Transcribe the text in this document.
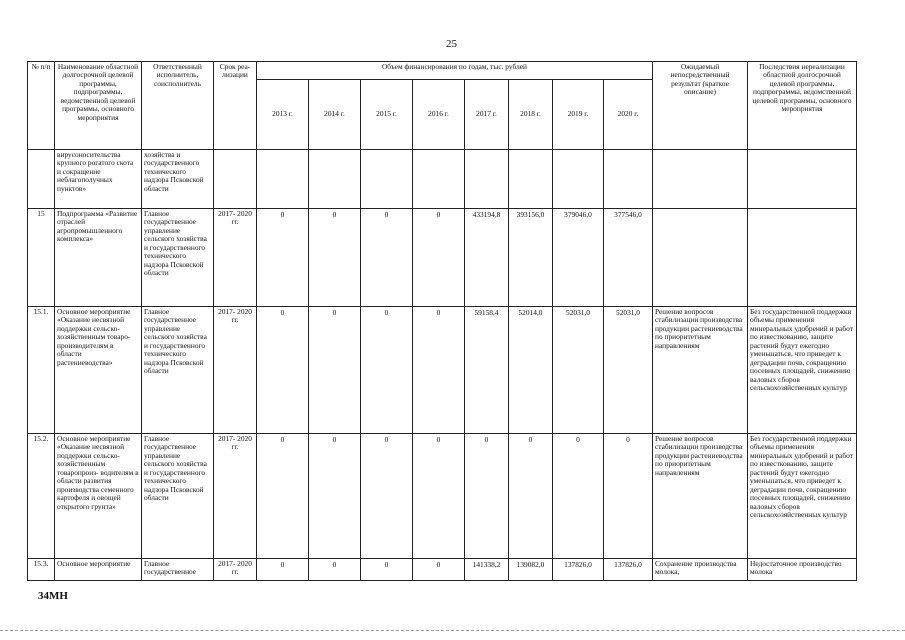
25
№ п/п	Наименование областной долгосрочной целевой программы, подпрограммы, ведомственной целевой программы, основного мероприятия	Ответственный исполнитель, соисполнитель	Срок реа- лизации	Объем финансирования по годам, тыс. рублей								Ожидаемый непосредственный результат (краткое описание)	Последствия нереализации областной долгосрочной целевой программы, подпрограммы, ведомственной целевой программы, основного мероприятия
				2013 г.	2014 г.	2015 г.	2016 г.	2017 г.	2018 г.	2019 г.	2020 г.		
	вирусоносительства крупного рогатого скота и сокращение неблагополучных пунктов»	хозяйства и государственного технического надзора Псковской области											
15	Подпрограмма «Развитие отраслей агропромышленного комплекса»	Главное государственное управление сельского хозяйства и государственного технического надзора Псковской области	2017- 2020 гг.	0	0	0	0	433194,8	393156,0	379046,0	377546,0		
15.1.	Основное мероприятие «Оказание несвязной поддержки сельско- хозяйственным товаро- производителям в области растениеводства»	Главное государственное управление сельского хозяйства и государственного технического надзора Псковской области	2017- 2020 гг.	0	0	0	0	59158,4	52014,0	52031,0	52031,0	Решение вопросов стабилизации производства продукции растениеводства по приоритетным направлениям	Без государственной поддержки объемы применения минеральных удобрений и работ по известкованию, защите растений будут ежегодно уменьшаться, что приведет к деградации почв, сокращению посевных площадей, снижению валовых сборов сельскохозяйственных культур
15.2.	Основное мероприятие «Оказание несвязной поддержки сельско- хозяйственным товаропроиз- водителям в области развития производства семенного картофеля и овощей открытого грунта»	Главное государственное управление сельского хозяйства и государственного технического надзора Псковской области	2017- 2020 гг.	0	0	0	0	0	0	0	0	Решение вопросов стабилизации производства продукции растениеводства по приоритетным направлениям	Без государственной поддержки объемы применения минеральных удобрений и работ по известкованию, защите растений будут ежегодно уменьшаться, что приведет к деградации почв, сокращению посевных площадей, снижению валовых сборов сельскохозяйственных культур
15.3.	Основное мероприятие	Главное государственное	2017- 2020 гг.	0	0	0	0	141338,2	139082,0	137826,0	137826,0	Сохранение производства молока,	Недостаточное производство молока
34МН
